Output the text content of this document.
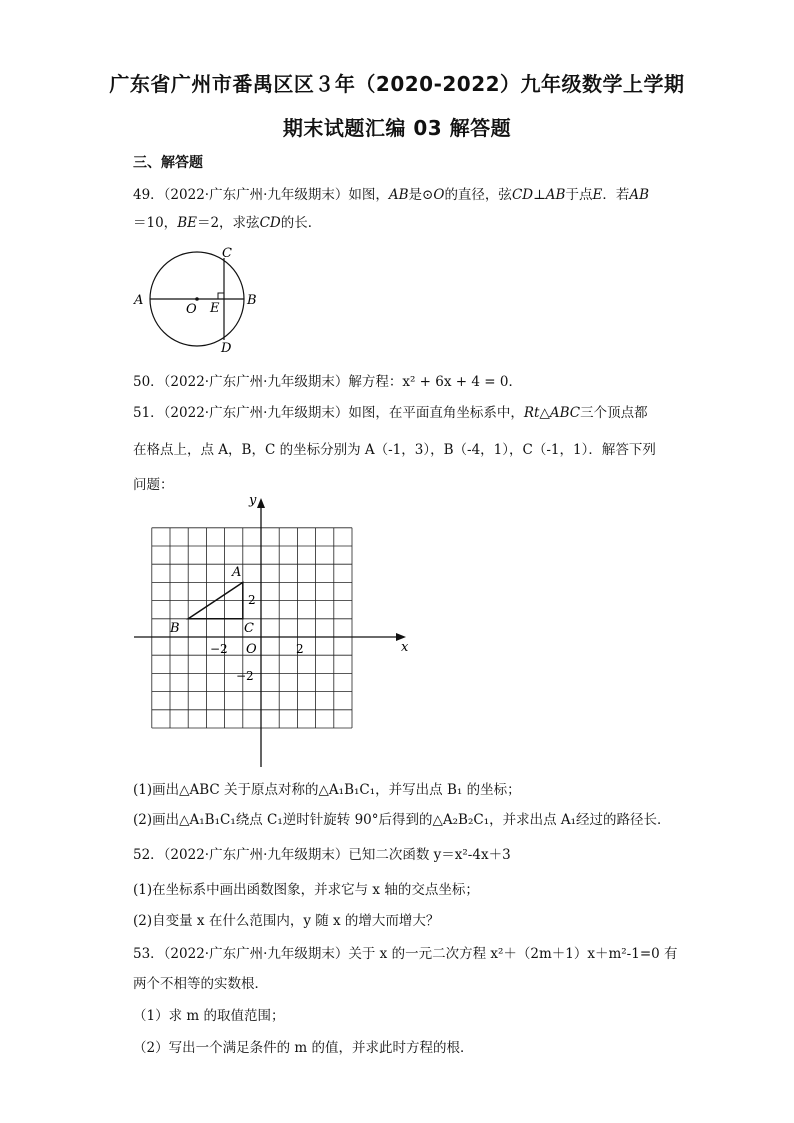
广东省广州市番禺区区３年（2020-2022）九年级数学上学期
期末试题汇编 03 解答题
三、解答题
49．（2022·广东广州·九年级期末）如图，AB是⊙O的直径，弦CD⊥AB于点E．若AB
＝10，BE＝2，求弦CD的长．
A	B
C
D
O E
50．（2022·广东广州·九年级期末）解方程：x² + 6x + 4 = 0．
51．（2022·广东广州·九年级期末）如图，在平面直角坐标系中，Rt△ABC三个顶点都
在格点上，点 A，B，C 的坐标分别为 A（-1，3），B（-4，1），C（-1，1）．解答下列
问题：
y
x
A
B	C
O
−2	2
2
−2
(1)画出△ABC 关于原点对称的△A₁B₁C₁，并写出点 B₁ 的坐标；
(2)画出△A₁B₁C₁绕点 C₁逆时针旋转 90°后得到的△A₂B₂C₁，并求出点 A₁经过的路径长．
52．（2022·广东广州·九年级期末）已知二次函数 y＝x²-4x＋3
(1)在坐标系中画出函数图象，并求它与 x 轴的交点坐标；
(2)自变量 x 在什么范围内，y 随 x 的增大而增大？
53．（2022·广东广州·九年级期末）关于 x 的一元二次方程 x²＋（2m＋1）x＋m²-1=0 有
两个不相等的实数根．
（1）求 m 的取值范围；
（2）写出一个满足条件的 m 的值，并求此时方程的根．
